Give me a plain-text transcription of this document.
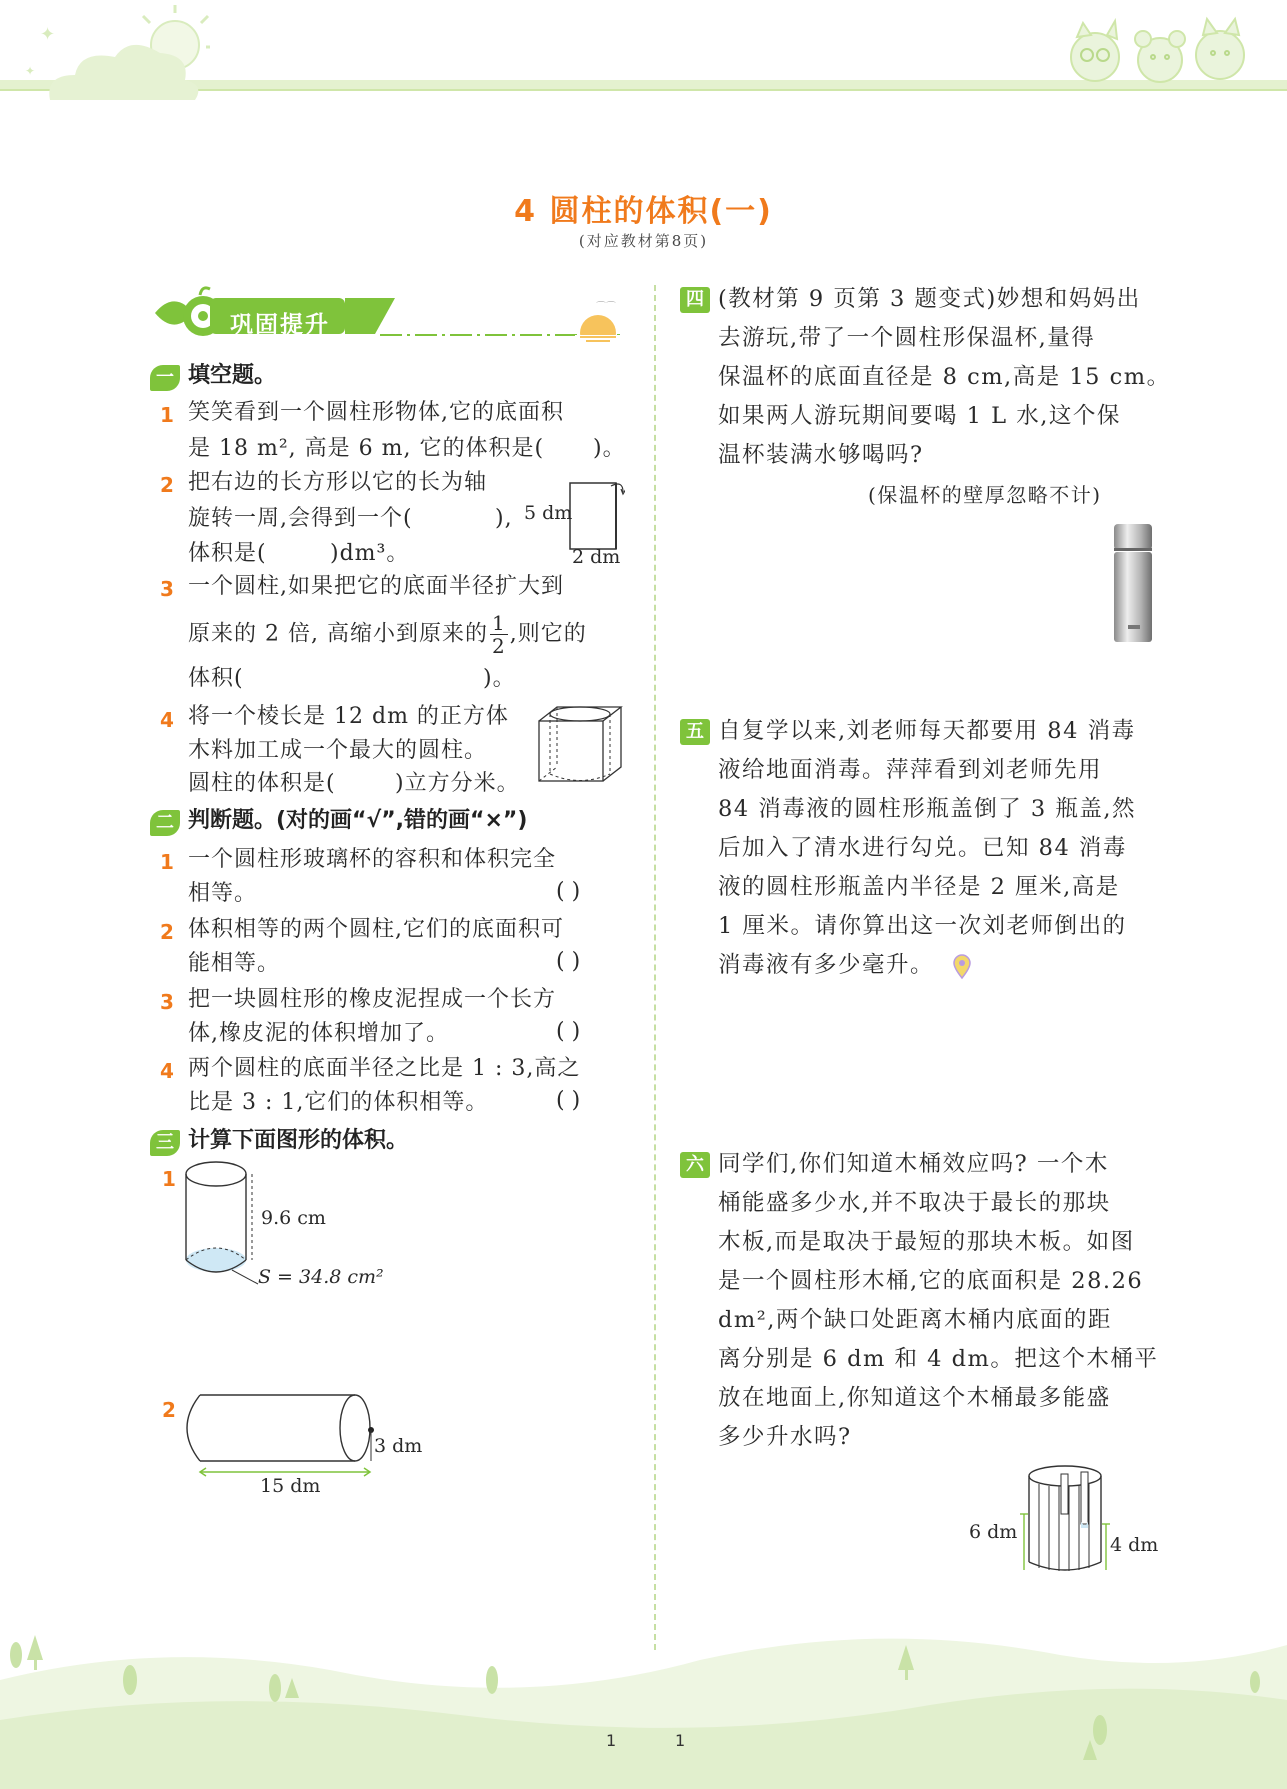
✦
✦
4 圆柱的体积(一)
(对应教材第8页)
⌒⌒
巩固提升
一 填空题。
1 笑笑看到一个圆柱形物体,它的底面积
是 18 m², 高是 6 m, 它的体积是( )。
2 把右边的长方形以它的长为轴
旋转一周,会得到一个(	),
体积是(	)dm³。
5 dm
2 dm
3 一个圆柱,如果把它的底面半径扩大到
原来的 2 倍, 高缩小到原来的 $\frac{1}{2}$ ,则它的
体积(	)。
4 将一个棱长是 12 dm 的正方体
木料加工成一个最大的圆柱。
圆柱的体积是(	)立方分米。
二 判断题。(对的画“√”,错的画“×”)
1 一个圆柱形玻璃杯的容积和体积完全
相等。	( )
2 体积相等的两个圆柱,它们的底面积可
能相等。	( )
3 把一块圆柱形的橡皮泥捏成一个长方
体,橡皮泥的体积增加了。	( )
4 两个圆柱的底面半径之比是 1 : 3,高之
比是 3 : 1,它们的体积相等。	( )
三 计算下面图形的体积。
1
9.6 cm
S = 34.8 cm²
2
3 dm
15 dm
四 (教材第 9 页第 3 题变式)妙想和妈妈出
去游玩,带了一个圆柱形保温杯,量得
保温杯的底面直径是 8 cm,高是 15 cm。
如果两人游玩期间要喝 1 L 水,这个保
温杯装满水够喝吗?
(保温杯的壁厚忽略不计)
五 自复学以来,刘老师每天都要用 84 消毒
液给地面消毒。萍萍看到刘老师先用
84 消毒液的圆柱形瓶盖倒了 3 瓶盖,然
后加入了清水进行勾兑。已知 84 消毒
液的圆柱形瓶盖内半径是 2 厘米,高是
1 厘米。请你算出这一次刘老师倒出的
消毒液有多少毫升。
六 同学们,你们知道木桶效应吗? 一个木
桶能盛多少水,并不取决于最长的那块
木板,而是取决于最短的那块木板。如图
是一个圆柱形木桶,它的底面积是 28.26
dm²,两个缺口处距离木桶内底面的距
离分别是 6 dm 和 4 dm。把这个木桶平
放在地面上,你知道这个木桶最多能盛
多少升水吗?
6 dm
4 dm
1	1
